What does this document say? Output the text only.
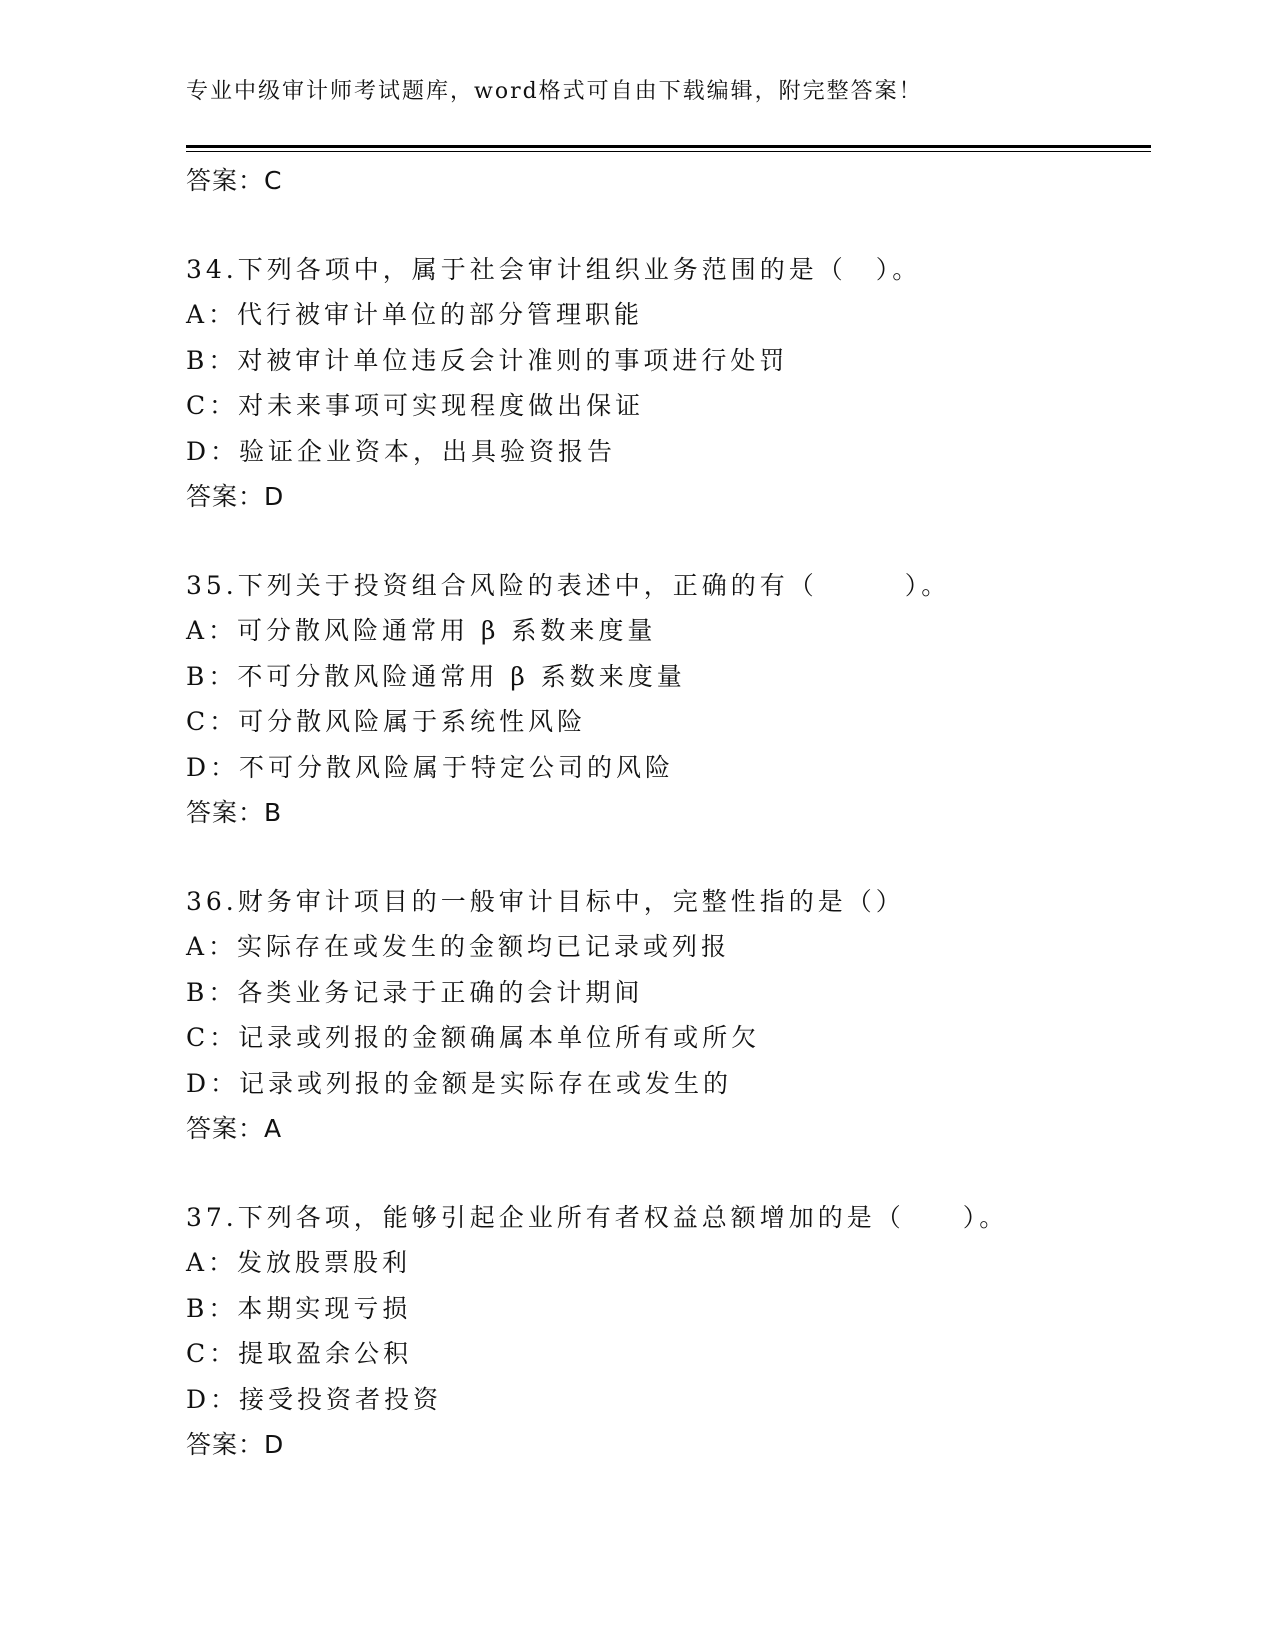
专业中级审计师考试题库，word格式可自由下载编辑，附完整答案！
答案：C
34.下列各项中，属于社会审计组织业务范围的是（　）。
A：代行被审计单位的部分管理职能
B：对被审计单位违反会计准则的事项进行处罚
C：对未来事项可实现程度做出保证
D：验证企业资本，出具验资报告
答案：D
35.下列关于投资组合风险的表述中，正确的有（　　　）。
A：可分散风险通常用 β 系数来度量
B：不可分散风险通常用 β 系数来度量
C：可分散风险属于系统性风险
D：不可分散风险属于特定公司的风险
答案：B
36.财务审计项目的一般审计目标中，完整性指的是（）
A：实际存在或发生的金额均已记录或列报
B：各类业务记录于正确的会计期间
C：记录或列报的金额确属本单位所有或所欠
D：记录或列报的金额是实际存在或发生的
答案：A
37.下列各项，能够引起企业所有者权益总额增加的是（　　）。
A：发放股票股利
B：本期实现亏损
C：提取盈余公积
D：接受投资者投资
答案：D
